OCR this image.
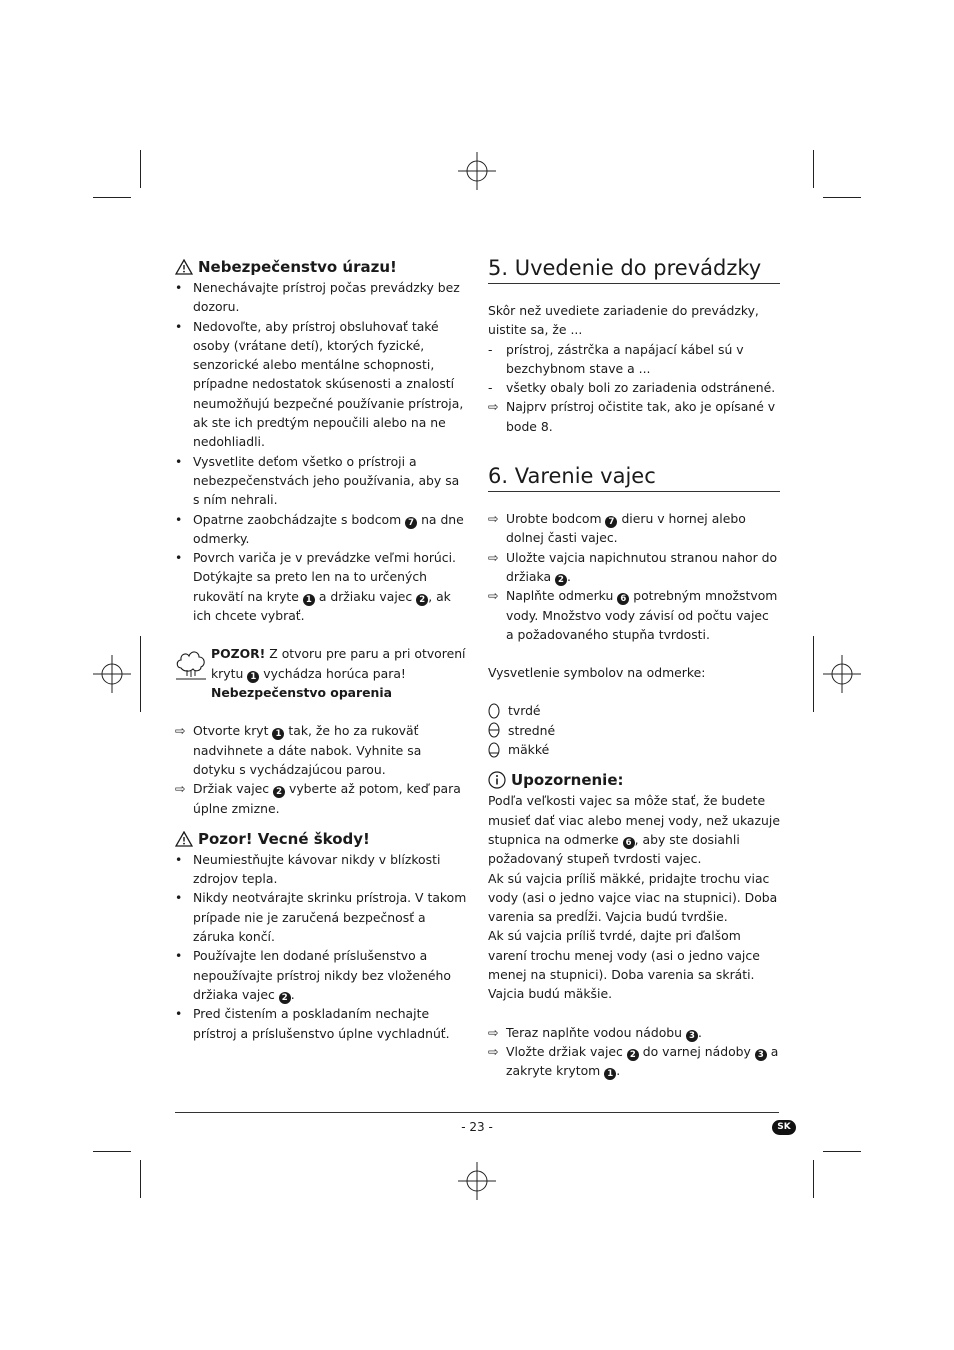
Nebezpečenstvo úrazu!
• Nenechávajte prístroj počas prevádzky bez dozoru.
• Nedovoľte, aby prístroj obsluhovať také osoby (vrátane detí), ktorých fyzické, senzorické alebo mentálne schopnosti, prípadne nedostatok skúsenosti a znalostí neumožňujú bezpečné používanie prístroja, ak ste ich predtým nepoučili alebo na ne nedohliadli.
• Vysvetlite deťom všetko o prístroji a nebezpečenstvách jeho používania, aby sa s ním nehrali.
• Opatrne zaobchádzajte s bodcom 7 na dne odmerky.
• Povrch variča je v prevádzke veľmi horúci. Dotýkajte sa preto len na to určených rukovätí na kryte 1 a držiaku vajec 2 , ak ich chcete vybrať.

POZOR! Z otvoru pre paru a pri otvorení krytu 1 vychádza horúca para!

Nebezpečenstvo oparenia

⇨ Otvorte kryt 1 tak, že ho za rukoväť nadvihnete a dáte nabok. Vyhnite sa dotyku s vychádzajúcou parou.
⇨ Držiak vajec 2 vyberte až potom, keď para úplne zmizne.
Pozor! Vecné škody!
• Neumiestňujte kávovar nikdy v blízkosti zdrojov tepla.
• Nikdy neotvárajte skrinku prístroja. V takom prípade nie je zaručená bezpečnosť a záruka končí.
• Používajte len dodané príslušenstvo a nepoužívajte prístroj nikdy bez vloženého držiaka vajec 2 .
• Pred čistením a poskladaním nechajte prístroj a príslušenstvo úplne vychladnúť.
5. Uvedenie do prevádzky

Skôr než uvediete zariadenie do prevádzky, uistite sa, že ...

-	prístroj, zástrčka a napájací kábel sú v bezchybnom stave a ...
-	všetky obaly boli zo zariadenia odstránené.
⇨ Najprv prístroj očistite tak, ako je opísané v bode 8.
6. Varenie vajec
⇨ Urobte bodcom 7 dieru v hornej alebo dolnej časti vajec.
⇨ Uložte vajcia napichnutou stranou nahor do držiaka 2 .
⇨ Naplňte odmerku 6 potrebným množstvom vody. Množstvo vody závisí od počtu vajec a požadovaného stupňa tvrdosti.

Vysvetlenie symbolov na odmerke:

tvrdé
stredné
mäkké
Upozornenie:

Podľa veľkosti vajec sa môže stať, že budete musieť dať viac alebo menej vody, než ukazuje stupnica na odmerke 6 , aby ste dosiahli požadovaný stupeň tvrdosti vajec.

Ak sú vajcia príliš mäkké, pridajte trochu viac vody (asi o jedno vajce viac na stupnici). Doba varenia sa predĺži. Vajcia budú tvrdšie.

Ak sú vajcia príliš tvrdé, dajte pri ďalšom varení trochu menej vody (asi o jedno vajce menej na stupnici). Doba varenia sa skráti. Vajcia budú mäkšie.

⇨ Teraz naplňte vodou nádobu 3 .
⇨ Vložte držiak vajec 2 do varnej nádoby 3 a zakryte krytom 1 .
- 23 -	SK
